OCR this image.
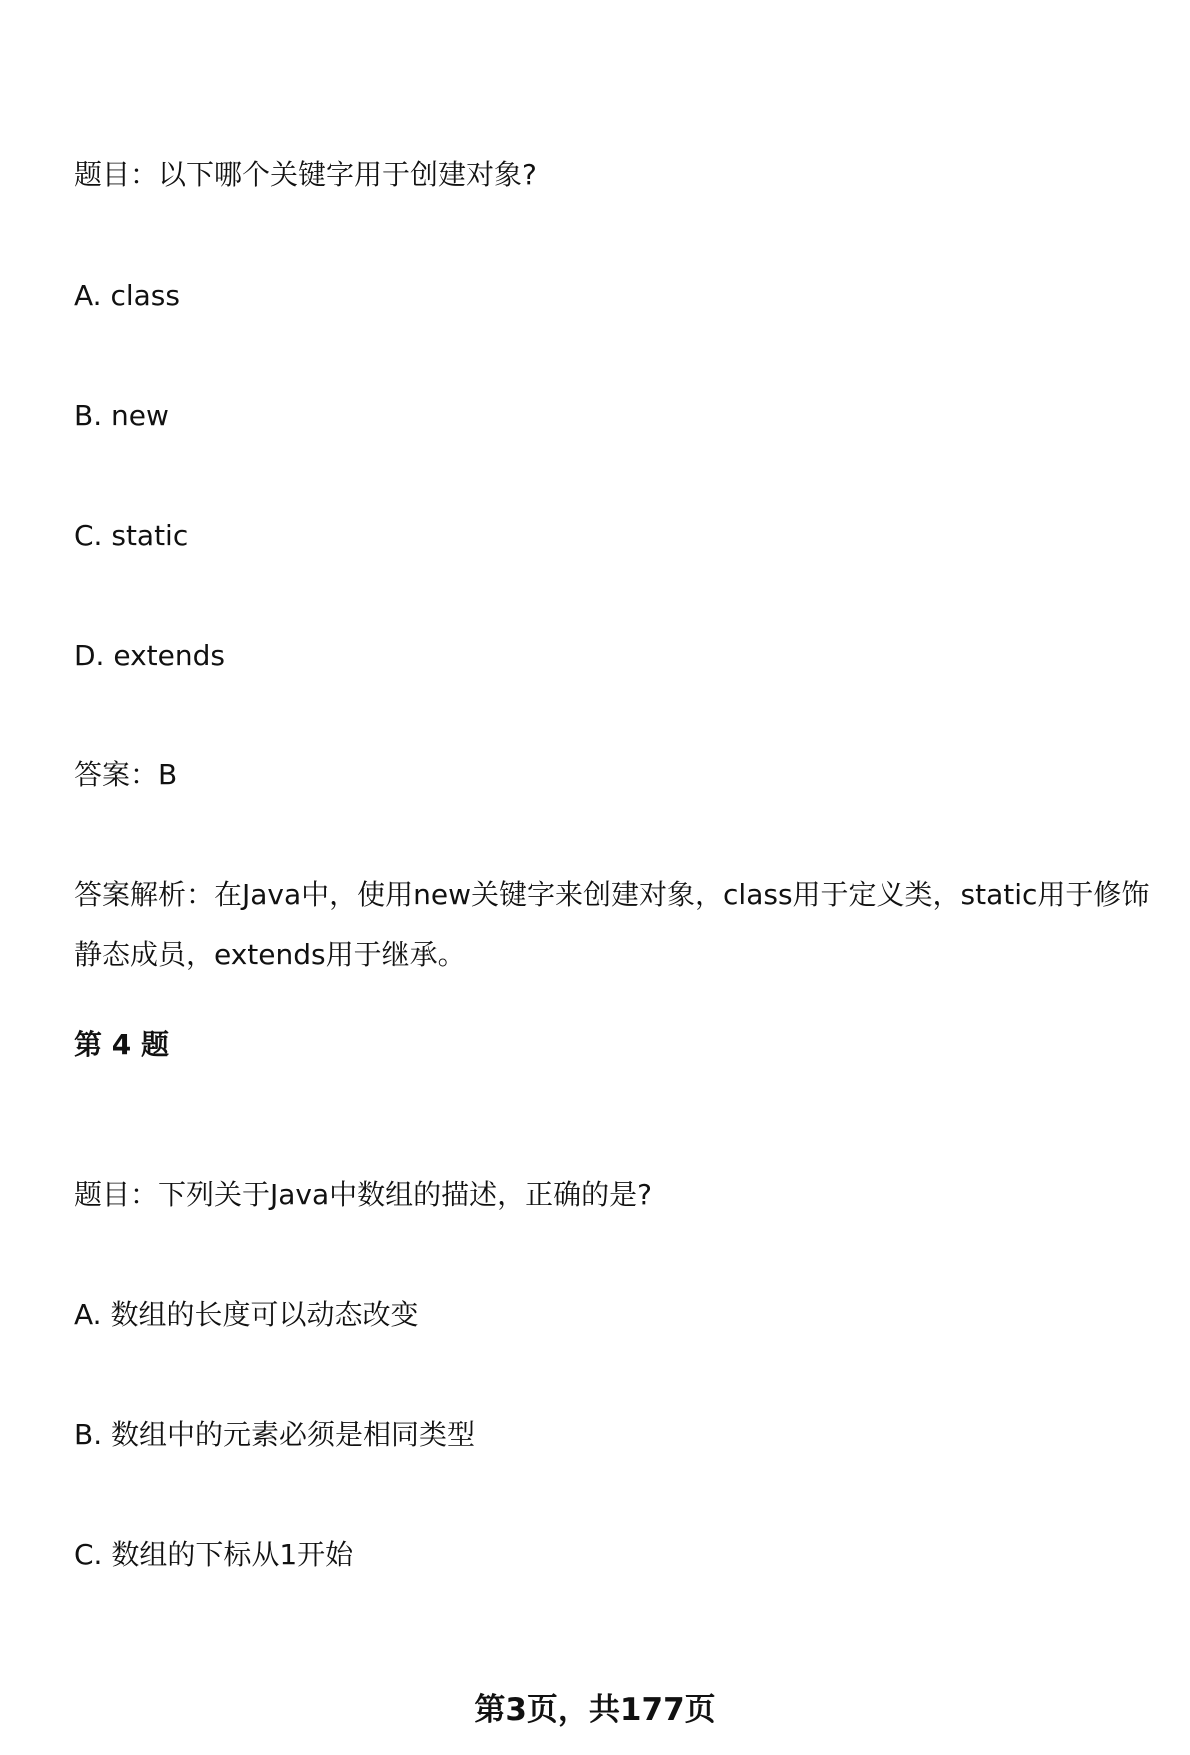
题目：以下哪个关键字用于创建对象?
A. class
B. new
C. static
D. extends
答案：B
答案解析：在Java中，使用new关键字来创建对象，class用于定义类，static用于修饰静态成员，extends用于继承。
第 4 题
题目：下列关于Java中数组的描述，正确的是?
A. 数组的长度可以动态改变
B. 数组中的元素必须是相同类型
C. 数组的下标从1开始
第3页，共177页
